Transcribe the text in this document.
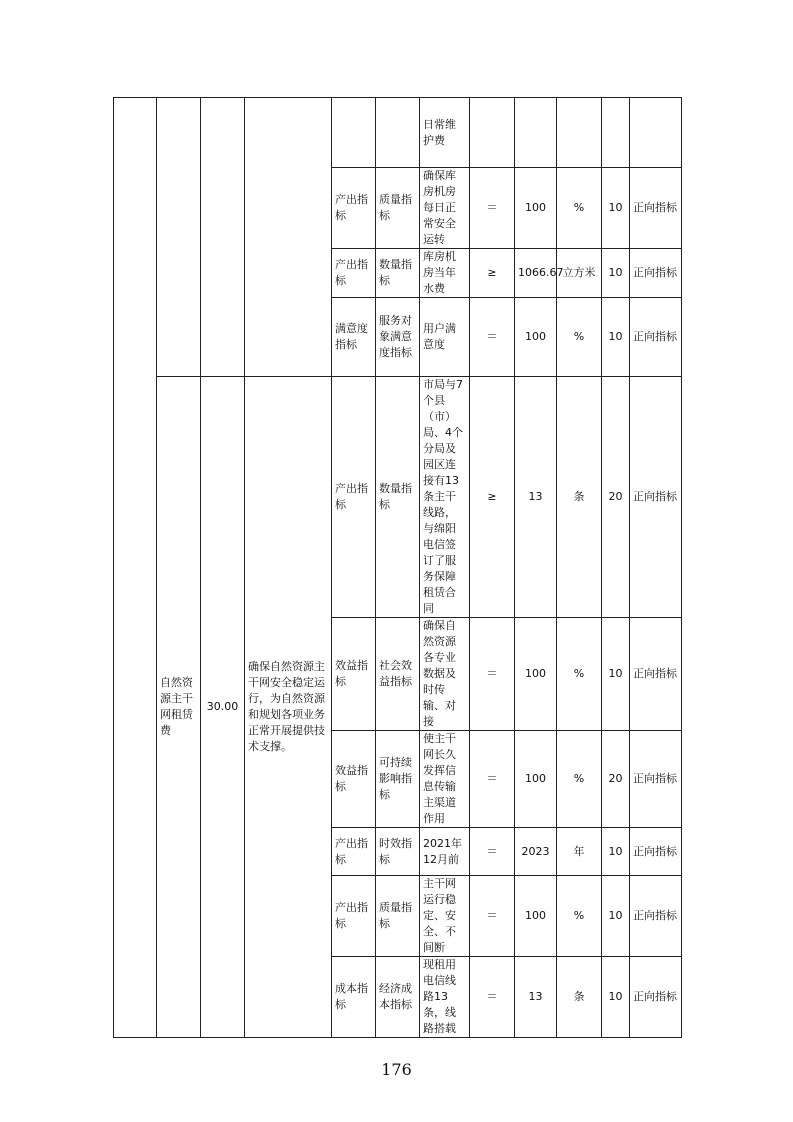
						日常维护费					
				产出指标	质量指标	确保库房机房每日正常安全运转	＝	100	%	10	正向指标
				产出指标	数量指标	库房机房当年水费	≥	1066.67	立方米	10	正向指标
				满意度指标	服务对象满意度指标	用户满意度	＝	100	%	10	正向指标
	自然资源主干网租赁费	30.00	确保自然资源主干网安全稳定运行，为自然资源和规划各项业务正常开展提供技术支撑。	产出指标	数量指标	市局与7个县（市）局、4个分局及园区连接有13条主干线路，与绵阳电信签订了服务保障租赁合同	≥	13	条	20	正向指标
				效益指标	社会效益指标	确保自然资源各专业数据及时传输、对接	＝	100	%	10	正向指标
				效益指标	可持续影响指标	使主干网长久发挥信息传输主渠道作用	＝	100	%	20	正向指标
				产出指标	时效指标	2021年12月前	＝	2023	年	10	正向指标
				产出指标	质量指标	主干网运行稳定、安全、不间断	＝	100	%	10	正向指标
				成本指标	经济成本指标	现租用电信线路13条，线路搭载	＝	13	条	10	正向指标
176
